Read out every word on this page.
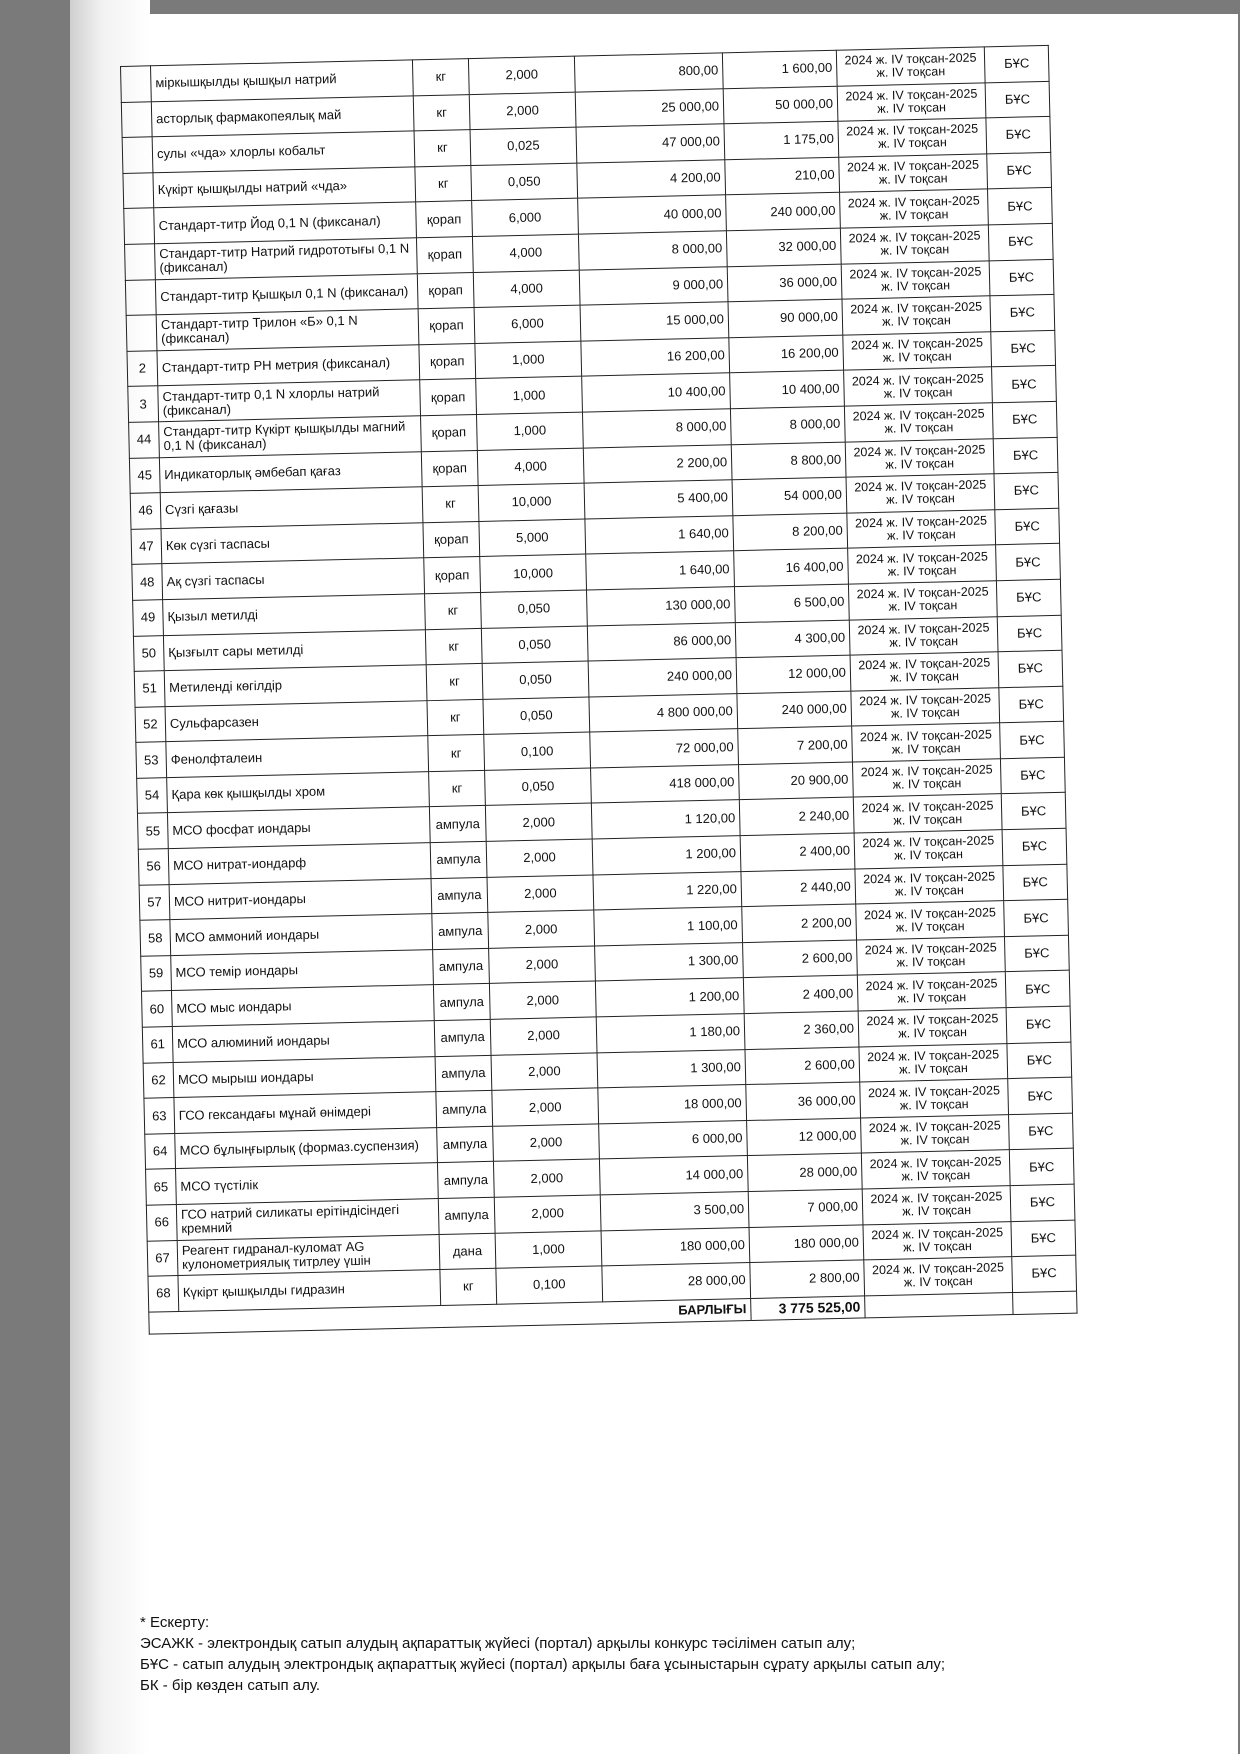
	міркышқылды қышқыл натрий	кг	2,000	800,00	1 600,00	2024 ж. IV тоқсан-2025 ж. IV тоқсан	БҰС
	асторлық фармакопеялық май	кг	2,000	25 000,00	50 000,00	2024 ж. IV тоқсан-2025 ж. IV тоқсан	БҰС
	сулы «чда» хлорлы кобальт	кг	0,025	47 000,00	1 175,00	2024 ж. IV тоқсан-2025 ж. IV тоқсан	БҰС
	Күкірт қышқылды натрий «чда»	кг	0,050	4 200,00	210,00	2024 ж. IV тоқсан-2025 ж. IV тоқсан	БҰС
	Стандарт-титр Йод 0,1 N (фиксанал)	қорап	6,000	40 000,00	240 000,00	2024 ж. IV тоқсан-2025 ж. IV тоқсан	БҰС
	Стандарт-титр Натрий гидрототығы 0,1 N (фиксанал)	қорап	4,000	8 000,00	32 000,00	2024 ж. IV тоқсан-2025 ж. IV тоқсан	БҰС
	Стандарт-титр Қышқыл 0,1 N (фиксанал)	қорап	4,000	9 000,00	36 000,00	2024 ж. IV тоқсан-2025 ж. IV тоқсан	БҰС
	Стандарт-титр Трилон «Б» 0,1 N (фиксанал)	қорап	6,000	15 000,00	90 000,00	2024 ж. IV тоқсан-2025 ж. IV тоқсан	БҰС
2	Стандарт-титр РН метрия (фиксанал)	қорап	1,000	16 200,00	16 200,00	2024 ж. IV тоқсан-2025 ж. IV тоқсан	БҰС
3	Стандарт-титр 0,1 N хлорлы натрий (фиксанал)	қорап	1,000	10 400,00	10 400,00	2024 ж. IV тоқсан-2025 ж. IV тоқсан	БҰС
44	Стандарт-титр Күкірт қышқылды магний 0,1 N (фиксанал)	қорап	1,000	8 000,00	8 000,00	2024 ж. IV тоқсан-2025 ж. IV тоқсан	БҰС
45	Индикаторлық әмбебап қағаз	қорап	4,000	2 200,00	8 800,00	2024 ж. IV тоқсан-2025 ж. IV тоқсан	БҰС
46	Сүзгі қағазы	кг	10,000	5 400,00	54 000,00	2024 ж. IV тоқсан-2025 ж. IV тоқсан	БҰС
47	Көк сүзгі таспасы	қорап	5,000	1 640,00	8 200,00	2024 ж. IV тоқсан-2025 ж. IV тоқсан	БҰС
48	Ақ сүзгі таспасы	қорап	10,000	1 640,00	16 400,00	2024 ж. IV тоқсан-2025 ж. IV тоқсан	БҰС
49	Қызыл метилді	кг	0,050	130 000,00	6 500,00	2024 ж. IV тоқсан-2025 ж. IV тоқсан	БҰС
50	Қызғылт сары метилді	кг	0,050	86 000,00	4 300,00	2024 ж. IV тоқсан-2025 ж. IV тоқсан	БҰС
51	Метиленді көгілдір	кг	0,050	240 000,00	12 000,00	2024 ж. IV тоқсан-2025 ж. IV тоқсан	БҰС
52	Сульфарсазен	кг	0,050	4 800 000,00	240 000,00	2024 ж. IV тоқсан-2025 ж. IV тоқсан	БҰС
53	Фенолфталеин	кг	0,100	72 000,00	7 200,00	2024 ж. IV тоқсан-2025 ж. IV тоқсан	БҰС
54	Қара көк қышқылды хром	кг	0,050	418 000,00	20 900,00	2024 ж. IV тоқсан-2025 ж. IV тоқсан	БҰС
55	МСО фосфат иондары	ампула	2,000	1 120,00	2 240,00	2024 ж. IV тоқсан-2025 ж. IV тоқсан	БҰС
56	МСО нитрат-иондарф	ампула	2,000	1 200,00	2 400,00	2024 ж. IV тоқсан-2025 ж. IV тоқсан	БҰС
57	МСО нитрит-иондары	ампула	2,000	1 220,00	2 440,00	2024 ж. IV тоқсан-2025 ж. IV тоқсан	БҰС
58	МСО аммоний иондары	ампула	2,000	1 100,00	2 200,00	2024 ж. IV тоқсан-2025 ж. IV тоқсан	БҰС
59	МСО темір иондары	ампула	2,000	1 300,00	2 600,00	2024 ж. IV тоқсан-2025 ж. IV тоқсан	БҰС
60	МСО мыс иондары	ампула	2,000	1 200,00	2 400,00	2024 ж. IV тоқсан-2025 ж. IV тоқсан	БҰС
61	МСО алюминий иондары	ампула	2,000	1 180,00	2 360,00	2024 ж. IV тоқсан-2025 ж. IV тоқсан	БҰС
62	МСО мырыш иондары	ампула	2,000	1 300,00	2 600,00	2024 ж. IV тоқсан-2025 ж. IV тоқсан	БҰС
63	ГСО гександағы мұнай өнімдері	ампула	2,000	18 000,00	36 000,00	2024 ж. IV тоқсан-2025 ж. IV тоқсан	БҰС
64	МСО бұлыңғырлық (формаз.суспензия)	ампула	2,000	6 000,00	12 000,00	2024 ж. IV тоқсан-2025 ж. IV тоқсан	БҰС
65	МСО түстілік	ампула	2,000	14 000,00	28 000,00	2024 ж. IV тоқсан-2025 ж. IV тоқсан	БҰС
66	ГСО натрий силикаты ерітіндісіндегі кремний	ампула	2,000	3 500,00	7 000,00	2024 ж. IV тоқсан-2025 ж. IV тоқсан	БҰС
67	Реагент гидранал-куломат AG кулонометриялық титрлеу үшін	дана	1,000	180 000,00	180 000,00	2024 ж. IV тоқсан-2025 ж. IV тоқсан	БҰС
68	Күкірт қышқылды гидразин	кг	0,100	28 000,00	2 800,00	2024 ж. IV тоқсан-2025 ж. IV тоқсан	БҰС
	БАРЛЫҒЫ				3 775 525,00		
* Ескерту:
ЭСАЖК - электрондық сатып алудың ақпараттық жүйесі (портал) арқылы конкурс тәсілімен сатып алу;
БҰС - сатып алудың электрондық ақпараттық жүйесі (портал) арқылы баға ұсыныстарын сұрату арқылы сатып алу;
БК - бір көзден сатып алу.
